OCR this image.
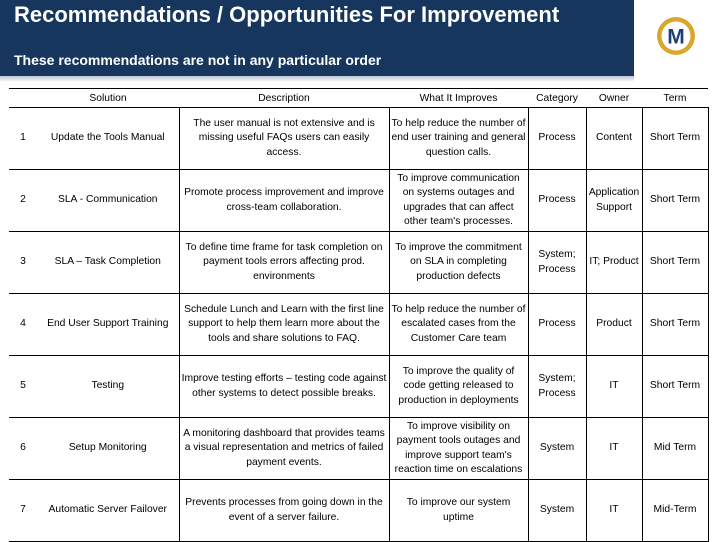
Recommendations / Opportunities For Improvement
These recommendations are not in any particular order
M
	Solution	Description	What It Improves	Category	Owner	Term
1	Update the Tools Manual	The user manual is not extensive and is missing useful FAQs users can easily access.	To help reduce the number of end user training and general question calls.	Process	Content	Short Term
2	SLA - Communication	Promote process improvement and improve cross-team collaboration.	To improve communication on systems outages and upgrades that can affect other team's processes.	Process	Application Support	Short Term
3	SLA – Task Completion	To define time frame for task completion on payment tools errors affecting prod. environments	To improve the commitment on SLA in completing production defects	System; Process	IT; Product	Short Term
4	End User Support Training	Schedule Lunch and Learn with the first line support to help them learn more about the tools and share solutions to FAQ.	To help reduce the number of escalated cases from the Customer Care team	Process	Product	Short Term
5	Testing	Improve testing efforts – testing code against other systems to detect possible breaks.	To improve the quality of code getting released to production in deployments	System; Process	IT	Short Term
6	Setup Monitoring	A monitoring dashboard that provides teams a visual representation and metrics of failed payment events.	To improve visibility on payment tools outages and improve support team's reaction time on escalations	System	IT	Mid Term
7	Automatic Server Failover	Prevents processes from going down in the event of a server failure.	To improve our system uptime	System	IT	Mid-Term
